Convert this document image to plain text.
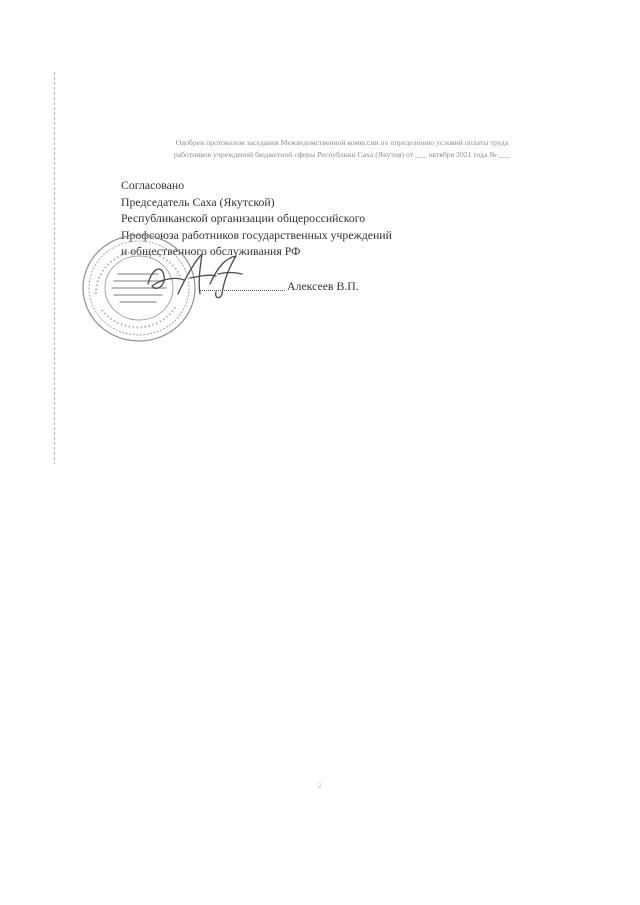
Одобрен протоколом заседания Межведомственной комиссии по определению условий оплаты труда
работников учреждений бюджетной сферы Республики Саха (Якутия) от ___ октября 2021 года № ___
Согласовано
Председатель Саха (Якутской)
Республиканской организации общероссийского
Профсоюза работников государственных учреждений
и общественного обслуживания РФ
Алексеев В.П.
2
